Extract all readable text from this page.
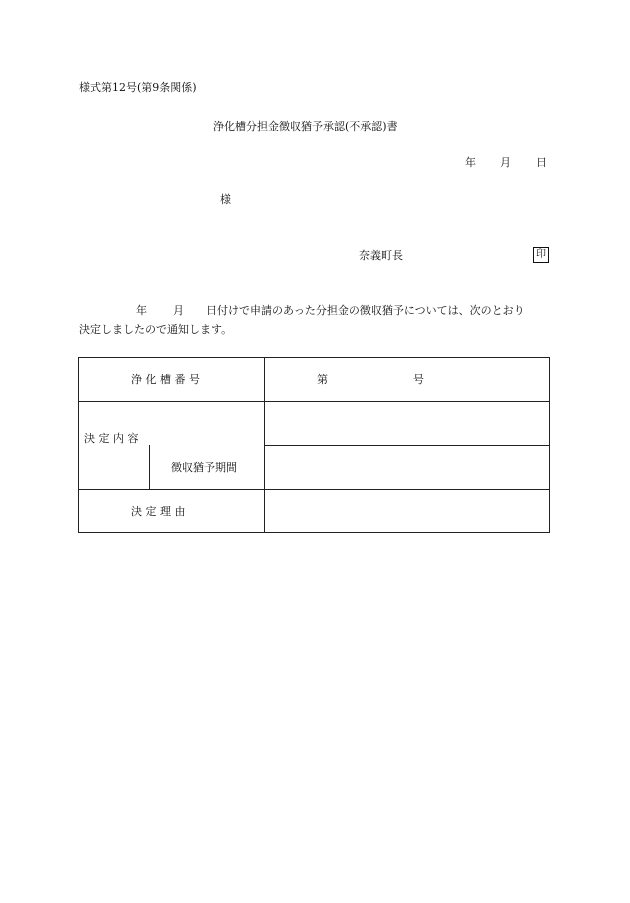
様式第12号(第9条関係)
浄化槽分担金徴収猶予承認(不承認)書
年 月 日
様
奈義町長	印
年 月 日付けで申請のあった分担金の徴収猶予については、次のとおり
決定しましたので通知します。
浄 化 槽 番 号	第	号
決 定 内 容
徴収猶予期間
決 定 理 由
